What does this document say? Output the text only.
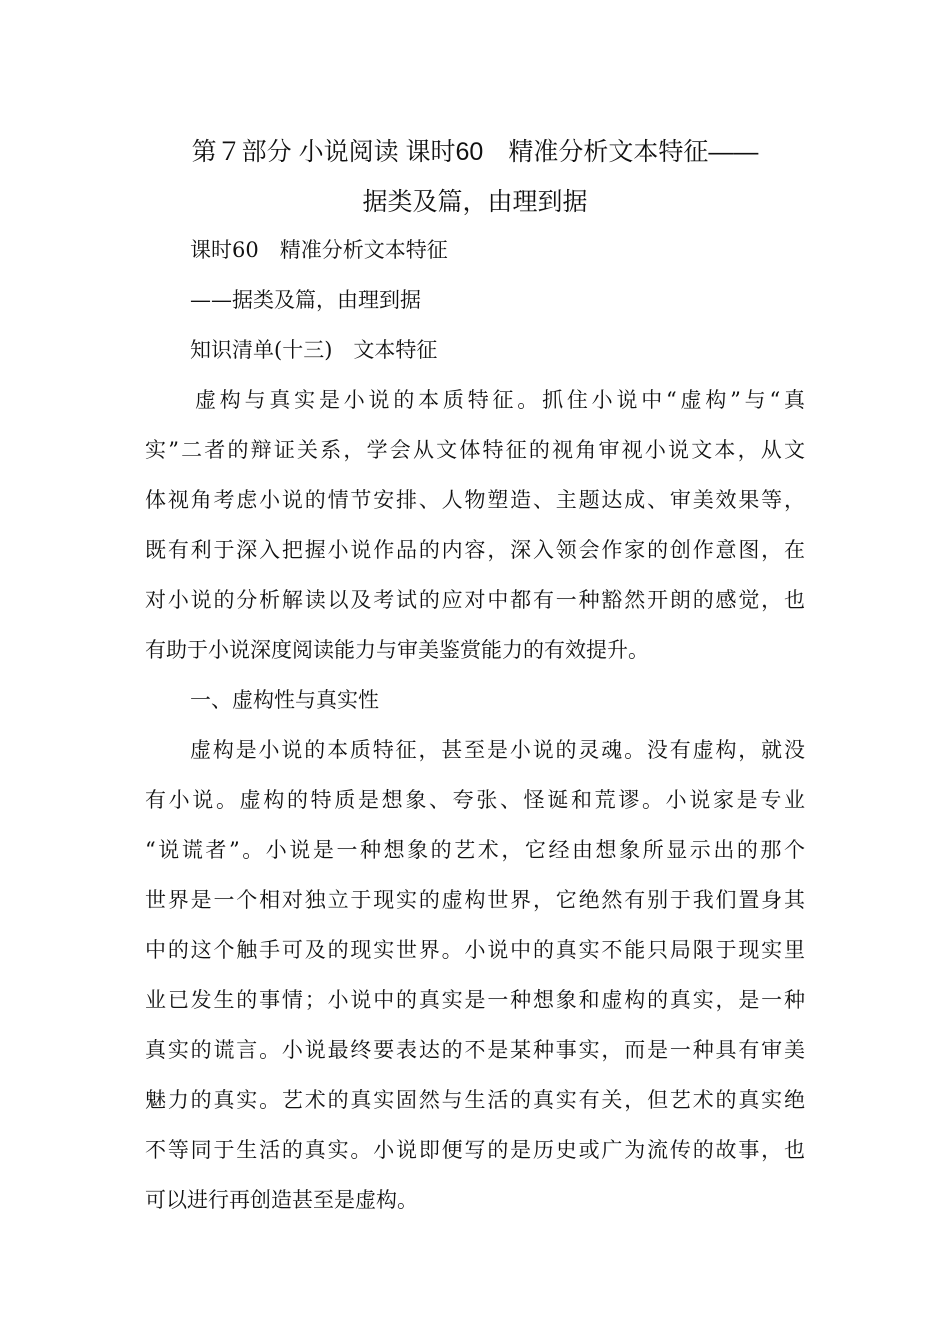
第７部分 小说阅读 课时60　精准分析文本特征——
据类及篇，由理到据

课时60　精准分析文本特征

——据类及篇，由理到据

知识清单(十三)　文本特征

虚构与真实是小说的本质特征。抓住小说中“虚构”与“真

实”二者的辩证关系，学会从文体特征的视角审视小说文本，从文

体视角考虑小说的情节安排、人物塑造、主题达成、审美效果等，

既有利于深入把握小说作品的内容，深入领会作家的创作意图，在

对小说的分析解读以及考试的应对中都有一种豁然开朗的感觉，也

有助于小说深度阅读能力与审美鉴赏能力的有效提升。

一、虚构性与真实性

虚构是小说的本质特征，甚至是小说的灵魂。没有虚构，就没

有小说。虚构的特质是想象、夸张、怪诞和荒谬。小说家是专业

“说谎者”。小说是一种想象的艺术，它经由想象所显示出的那个

世界是一个相对独立于现实的虚构世界，它绝然有别于我们置身其

中的这个触手可及的现实世界。小说中的真实不能只局限于现实里

业已发生的事情；小说中的真实是一种想象和虚构的真实，是一种

真实的谎言。小说最终要表达的不是某种事实，而是一种具有审美

魅力的真实。艺术的真实固然与生活的真实有关，但艺术的真实绝

不等同于生活的真实。小说即便写的是历史或广为流传的故事，也

可以进行再创造甚至是虚构。
